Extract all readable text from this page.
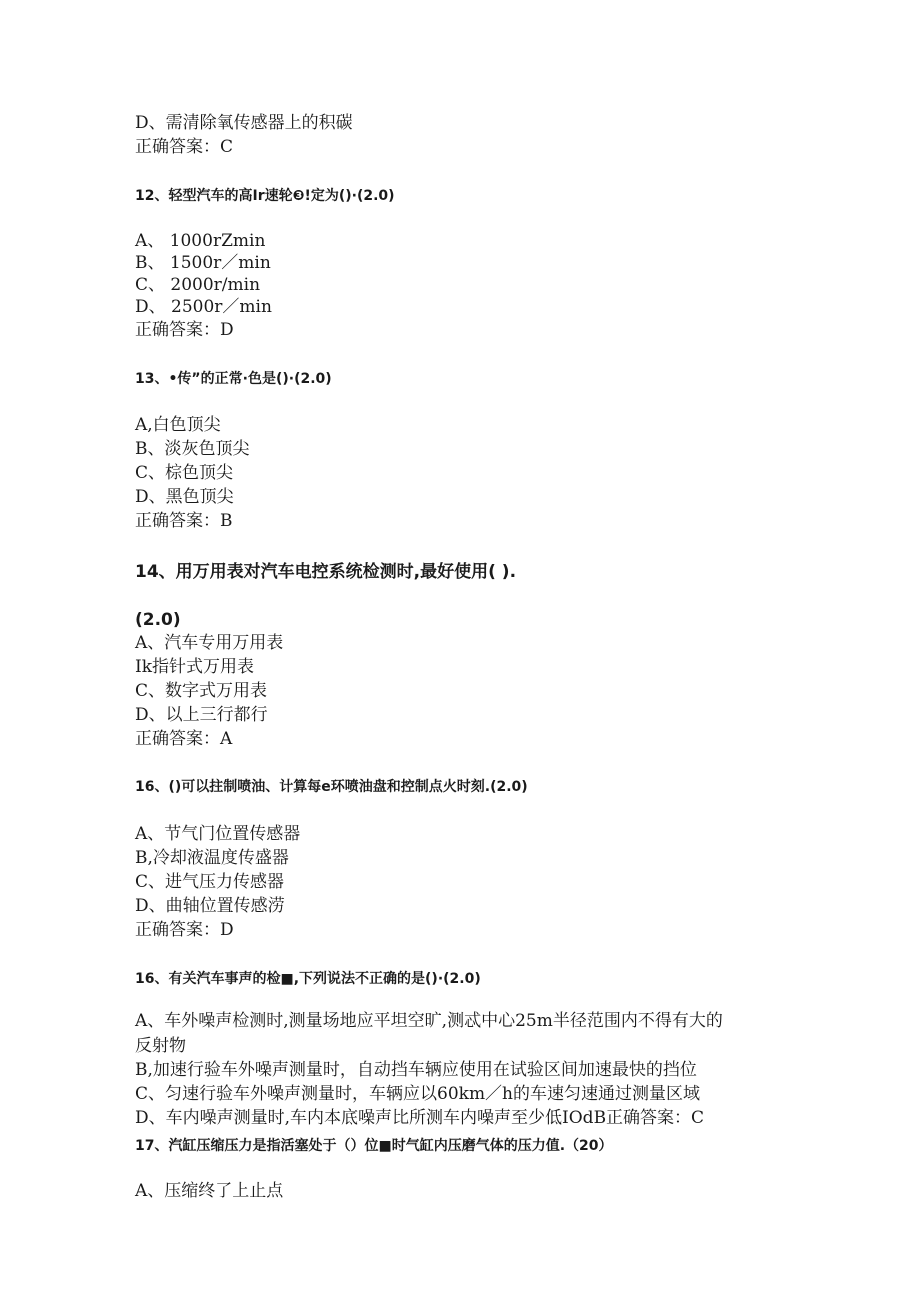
D、需清除氧传感器上的积碳
正确答案：C
12、轻型汽车的高Ir速轮❸!定为()·(2.0)
A、 1000rZmin
B、 1500r／min
C、 2000r/min
D、 2500r／min
正确答案：D
13、•传”的正常·色是()·(2.0)
A,白色顶尖
B、淡灰色顶尖
C、棕色顶尖
D、黑色顶尖
正确答案：B
14、用万用表对汽车电控系统检测时,最好使用( ).
(2.0)
A、汽车专用万用表
Ik指针式万用表
C、数字式万用表
D、以上三行都行
正确答案：A
16、()可以拄制喷油、计算每e环喷油盘和控制点火时刻.(2.0)
A、节气门位置传感器
B,冷却液温度传盛器
C、进气压力传感器
D、曲轴位置传感涝
正确答案：D
16、有关汽车事声的检■,下列说法不正确的是()·(2.0)
A、车外噪声检测时,测量场地应平坦空旷,测忒中心25m半径范围内不得有大的
反射物
B,加速行验车外噪声测量时，自动挡车辆应使用在试验区间加速最快的挡位
C、匀速行验车外噪声测量时，车辆应以60km／h的车速匀速通过测量区域
D、车内噪声测量时,车内本底噪声比所测车内噪声至少低IOdB正确答案：C
17、汽缸压缩压力是指活塞处于（）位■时气缸内压磨气体的压力值.（20）
A、压缩终了上止点
